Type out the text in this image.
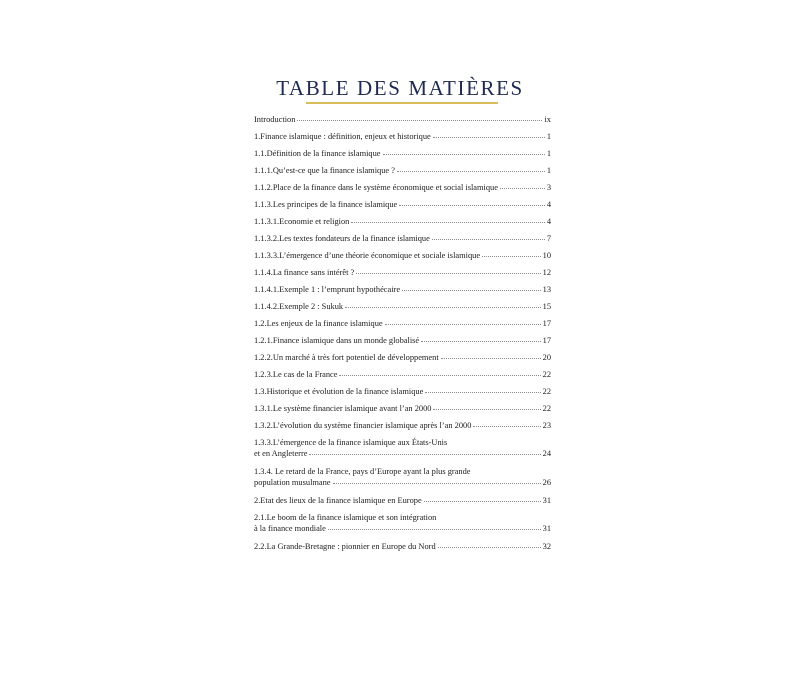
TABLE DES MATIÈRES
Introduction	ix
1.Finance islamique : définition, enjeux et historique	1
1.1.Définition de la finance islamique	1
1.1.1.Qu’est-ce que la finance islamique ?	1
1.1.2.Place de la finance dans le système économique et social islamique	3
1.1.3.Les principes de la finance islamique	4
1.1.3.1.Economie et religion	4
1.1.3.2.Les textes fondateurs de la finance islamique	7
1.1.3.3.L’émergence d’une théorie économique et sociale islamique	10
1.1.4.La finance sans intérêt ?	12
1.1.4.1.Exemple 1 : l’emprunt hypothécaire	13
1.1.4.2.Exemple 2 : Sukuk	15
1.2.Les enjeux de la finance islamique	17
1.2.1.Finance islamique dans un monde globalisé	17
1.2.2.Un marché à très fort potentiel de développement	20
1.2.3.Le cas de la France	22
1.3.Historique et évolution de la finance islamique	22
1.3.1.Le système financier islamique avant l’an 2000	22
1.3.2.L’évolution du système financier islamique après l’an 2000	23
1.3.3.L’émergence de la finance islamique aux États-Unis
et en Angleterre	24
1.3.4. Le retard de la France, pays d’Europe ayant la plus grande
population musulmane	26
2.Etat des lieux de la finance islamique en Europe	31
2.1.Le boom de la finance islamique et son intégration
à la finance mondiale	31
2.2.La Grande-Bretagne : pionnier en Europe du Nord	32
